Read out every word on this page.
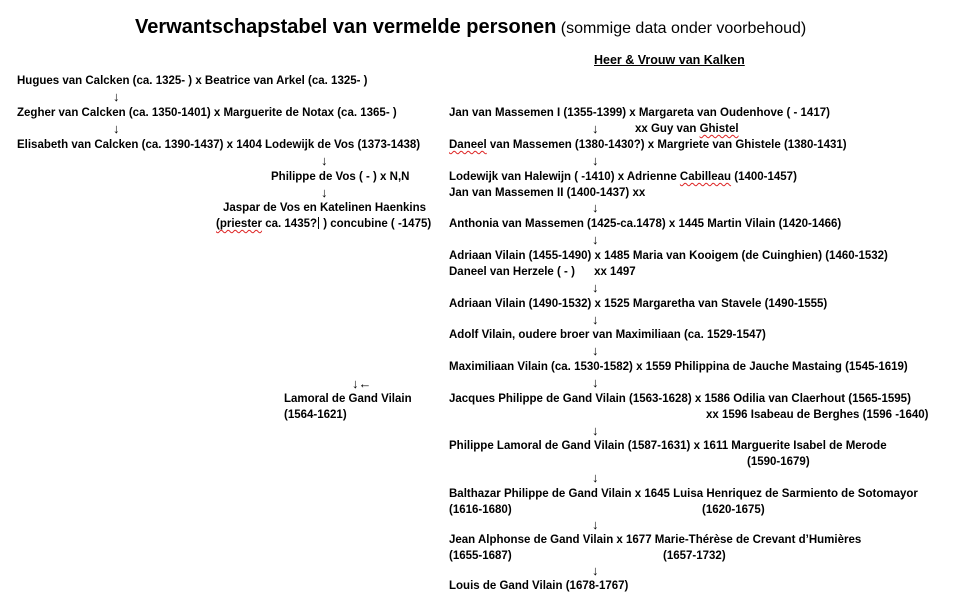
Verwantschapstabel van vermelde personen (sommige data onder voorbehoud)
Heer & Vrouw van Kalken
Hugues van Calcken (ca. 1325- ) x Beatrice van Arkel (ca. 1325- )
↓
Zegher van Calcken (ca. 1350-1401) x Marguerite de Notax (ca. 1365- )
↓
Elisabeth van Calcken (ca. 1390-1437) x 1404 Lodewijk de Vos (1373-1438)
↓
Philippe de Vos ( - ) x N,N
↓
Jaspar de Vos en Katelinen Haenkins
(priester ca. 1435? ) concubine ( -1475)
↓←
Lamoral de Gand Vilain
(1564-1621)
Jan van Massemen I (1355-1399) x Margareta van Oudenhove ( - 1417)
↓	xx Guy van Ghistel
Daneel van Massemen (1380-1430?) x Margriete van Ghistele (1380-1431)
↓
Lodewijk van Halewijn ( -1410) x Adrienne Cabilleau (1400-1457)
Jan van Massemen II (1400-1437) xx
↓
Anthonia van Massemen (1425-ca.1478) x 1445 Martin Vilain (1420-1466)
↓
Adriaan Vilain (1455-1490) x 1485 Maria van Kooigem (de Cuinghien) (1460-1532)
Daneel van Herzele ( - )      xx 1497
↓
Adriaan Vilain (1490-1532) x 1525 Margaretha van Stavele (1490-1555)
↓
Adolf Vilain, oudere broer van Maximiliaan (ca. 1529-1547)
↓
Maximiliaan Vilain (ca. 1530-1582) x 1559 Philippina de Jauche Mastaing (1545-1619)
↓
Jacques Philippe de Gand Vilain (1563-1628) x 1586 Odilia van Claerhout (1565-1595)
xx 1596 Isabeau de Berghes (1596 -1640)
↓
Philippe Lamoral de Gand Vilain (1587-1631) x 1611 Marguerite Isabel de Merode
(1590-1679)
↓
Balthazar Philippe de Gand Vilain x 1645 Luisa Henriquez de Sarmiento de Sotomayor
(1616-1680)	(1620-1675)
↓
Jean Alphonse de Gand Vilain x 1677 Marie-Thérèse de Crevant d’Humières
(1655-1687)	(1657-1732)
↓
Louis de Gand Vilain (1678-1767)
